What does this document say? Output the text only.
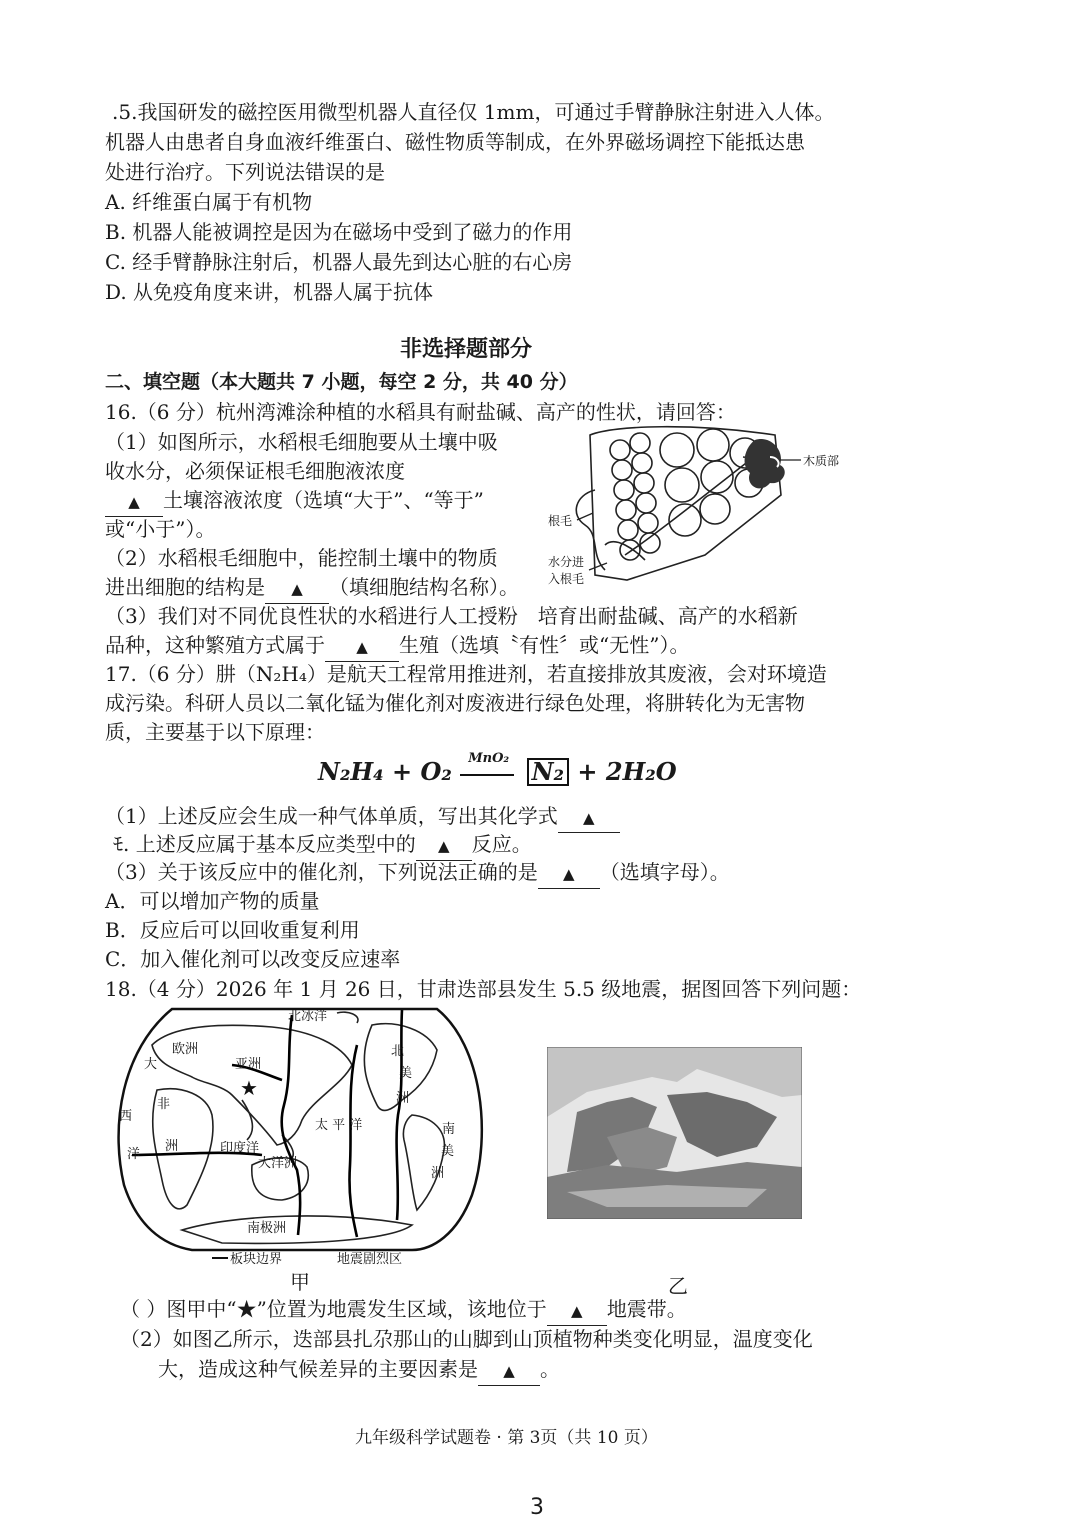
.5.我国研发的磁控医用微型机器人直径仅 1mm，可通过手臂静脉注射进入人体。
机器人由患者自身血液纤维蛋白、磁性物质等制成，在外界磁场调控下能抵达患
处进行治疗。下列说法错误的是
A. 纤维蛋白属于有机物
B. 机器人能被调控是因为在磁场中受到了磁力的作用
C. 经手臂静脉注射后，机器人最先到达心脏的右心房
D. 从免疫角度来讲，机器人属于抗体
非选择题部分
二、填空题（本大题共 7 小题，每空 2 分，共 40 分）
16.（6 分）杭州湾滩涂种植的水稻具有耐盐碱、高产的性状，请回答：
（1）如图所示，水稻根毛细胞要从土壤中吸
收水分，必须保证根毛细胞液浓度
▲ 土壤溶液浓度（选填“大于”、“等于”
或“小于”）。
（2）水稻根毛细胞中，能控制土壤中的物质
进出细胞的结构是 ▲ （填细胞结构名称）。
木质部
根毛
水分进
入根毛
（3）我们对不同优良性状的水稻进行人工授粉　培育出耐盐碱、高产的水稻新
品种，这种繁殖方式属于 ▲ 生殖（选填〝有性〞或“无性”）。
17.（6 分）肼（N₂H₄）是航天工程常用推进剂，若直接排放其废液，会对环境造
成污染。科研人员以二氧化锰为催化剂对废液进行绿色处理，将肼转化为无害物
质，主要基于以下原理：
N₂H₄ + O₂ MnO₂ N₂ + 2H₂O
（1）上述反应会生成一种气体单质，写出其化学式 ▲
ﾓ. 上述反应属于基本反应类型中的 ▲ 反应。
（3）关于该反应中的催化剂，下列说法正确的是 ▲ （选填字母）。
A．可以增加产物的质量
B．反应后可以回收重复利用
C．加入催化剂可以改变反应速率
18.（4 分）2026 年 1 月 26 日，甘肃迭部县发生 5.5 级地震，据图回答下列问题：
★
北冰洋
大
欧洲
亚洲
北
美
洲
非
洲
西
洋
太 平 洋
印度洋
大洋洲
南
美
洲
南极洲
板块边界	地震剧烈区
甲	乙
（ ）图甲中“★”位置为地震发生区域，该地位于 ▲ 地震带。
（2）如图乙所示，迭部县扎尕那山的山脚到山顶植物种类变化明显，温度变化
大，造成这种气候差异的主要因素是 ▲ 。
九年级科学试题卷 · 第 3页（共 10 页）
3
